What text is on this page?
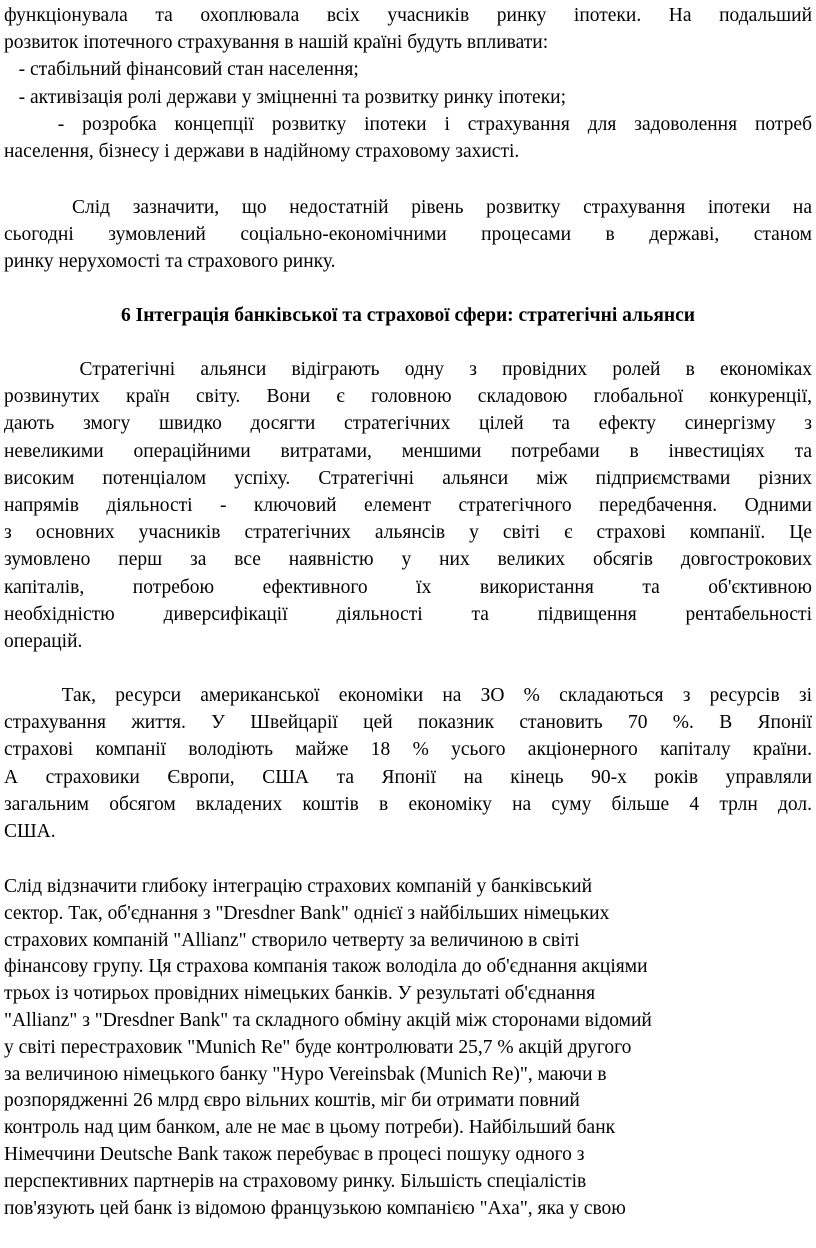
функціонувала та охоплювала всіх учасників ринку іпотеки. На подальший
розвиток іпотечного страхування в нашій країні будуть впливати:
- стабільний фінансовий стан населення;
- активізація ролі держави у зміцненні та розвитку ринку іпотеки;
- розробка концепції розвитку іпотеки і страхування для задоволення потреб
населення, бізнесу і держави в надійному страховому захисті.
Слід зазначити, що недостатній рівень розвитку страхування іпотеки на
сьогодні зумовлений соціально-економічними процесами в державі, станом
ринку нерухомості та страхового ринку.
6 Інтеграція банківської та страхової сфери: стратегічні альянси
Стратегічні альянси відіграють одну з провідних ролей в економіках
розвинутих країн світу. Вони є головною складовою глобальної конкуренції,
дають змогу швидко досягти стратегічних цілей та ефекту синергізму з
невеликими операційними витратами, меншими потребами в інвестиціях та
високим потенціалом успіху. Стратегічні альянси між підприємствами різних
напрямів діяльності - ключовий елемент стратегічного передбачення. Одними
з основних учасників стратегічних альянсів у світі є страхові компанії. Це
зумовлено перш за все наявністю у них великих обсягів довгострокових
капіталів, потребою ефективного їх використання та об'єктивною
необхідністю диверсифікації діяльності та підвищення рентабельності
операцій.
Так, ресурси американської економіки на ЗО % складаються з ресурсів зі
страхування життя. У Швейцарії цей показник становить 70 %. В Японії
страхові компанії володіють майже 18 % усього акціонерного капіталу країни.
А страховики Європи, США та Японії на кінець 90-х років управляли
загальним обсягом вкладених коштів в економіку на суму більше 4 трлн дол.
США.
Слід відзначити глибоку інтеграцію страхових компаній у банківський
сектор. Так, об'єднання з "Dresdner Bank" однієї з найбільших німецьких
страхових компаній "Allianz" створило четверту за величиною в світі
фінансову групу. Ця страхова компанія також володіла до об'єднання акціями
трьох із чотирьох провідних німецьких банків. У результаті об'єднання
"Allianz" з "Dresdner Bank" та складного обміну акцій між сторонами відомий
у світі перестраховик "Munich Re" буде контролювати 25,7 % акцій другого
за величиною німецького банку "Hypo Vereinsbak (Munich Re)", маючи в
розпорядженні 26 млрд євро вільних коштів, міг би отримати повний
контроль над цим банком, але не має в цьому потреби). Найбільший банк
Німеччини Deutsche Bank також перебуває в процесі пошуку одного з
перспективних партнерів на страховому ринку. Більшість спеціалістів
пов'язують цей банк із відомою французькою компанією "Аха", яка у свою
